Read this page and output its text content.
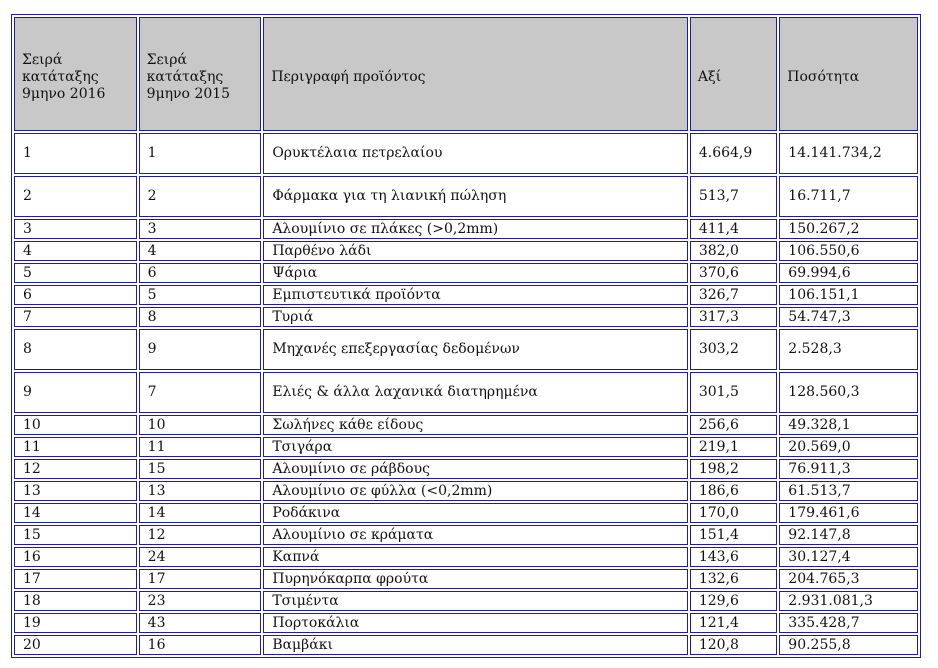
Σειρά κατάταξης 9μηνο 2016	Σειρά κατάταξης 9μηνο 2015	Περιγραφή προϊόντος	Αξί	Ποσότητα
1	1	Ορυκτέλαια πετρελαίου	4.664,9	14.141.734,2
2	2	Φάρμακα για τη λιανική πώληση	513,7	16.711,7
3	3	Αλουμίνιο σε πλάκες (>0,2mm)	411,4	150.267,2
4	4	Παρθένο λάδι	382,0	106.550,6
5	6	Ψάρια	370,6	69.994,6
6	5	Εμπιστευτικά προϊόντα	326,7	106.151,1
7	8	Τυριά	317,3	54.747,3
8	9	Μηχανές επεξεργασίας δεδομένων	303,2	2.528,3
9	7	Ελιές & άλλα λαχανικά διατηρημένα	301,5	128.560,3
10	10	Σωλήνες κάθε είδους	256,6	49.328,1
11	11	Τσιγάρα	219,1	20.569,0
12	15	Αλουμίνιο σε ράβδους	198,2	76.911,3
13	13	Αλουμίνιο σε φύλλα (<0,2mm)	186,6	61.513,7
14	14	Ροδάκινα	170,0	179.461,6
15	12	Αλουμίνιο σε κράματα	151,4	92.147,8
16	24	Καπνά	143,6	30.127,4
17	17	Πυρηνόκαρπα φρούτα	132,6	204.765,3
18	23	Τσιμέντα	129,6	2.931.081,3
19	43	Πορτοκάλια	121,4	335.428,7
20	16	Βαμβάκι	120,8	90.255,8
